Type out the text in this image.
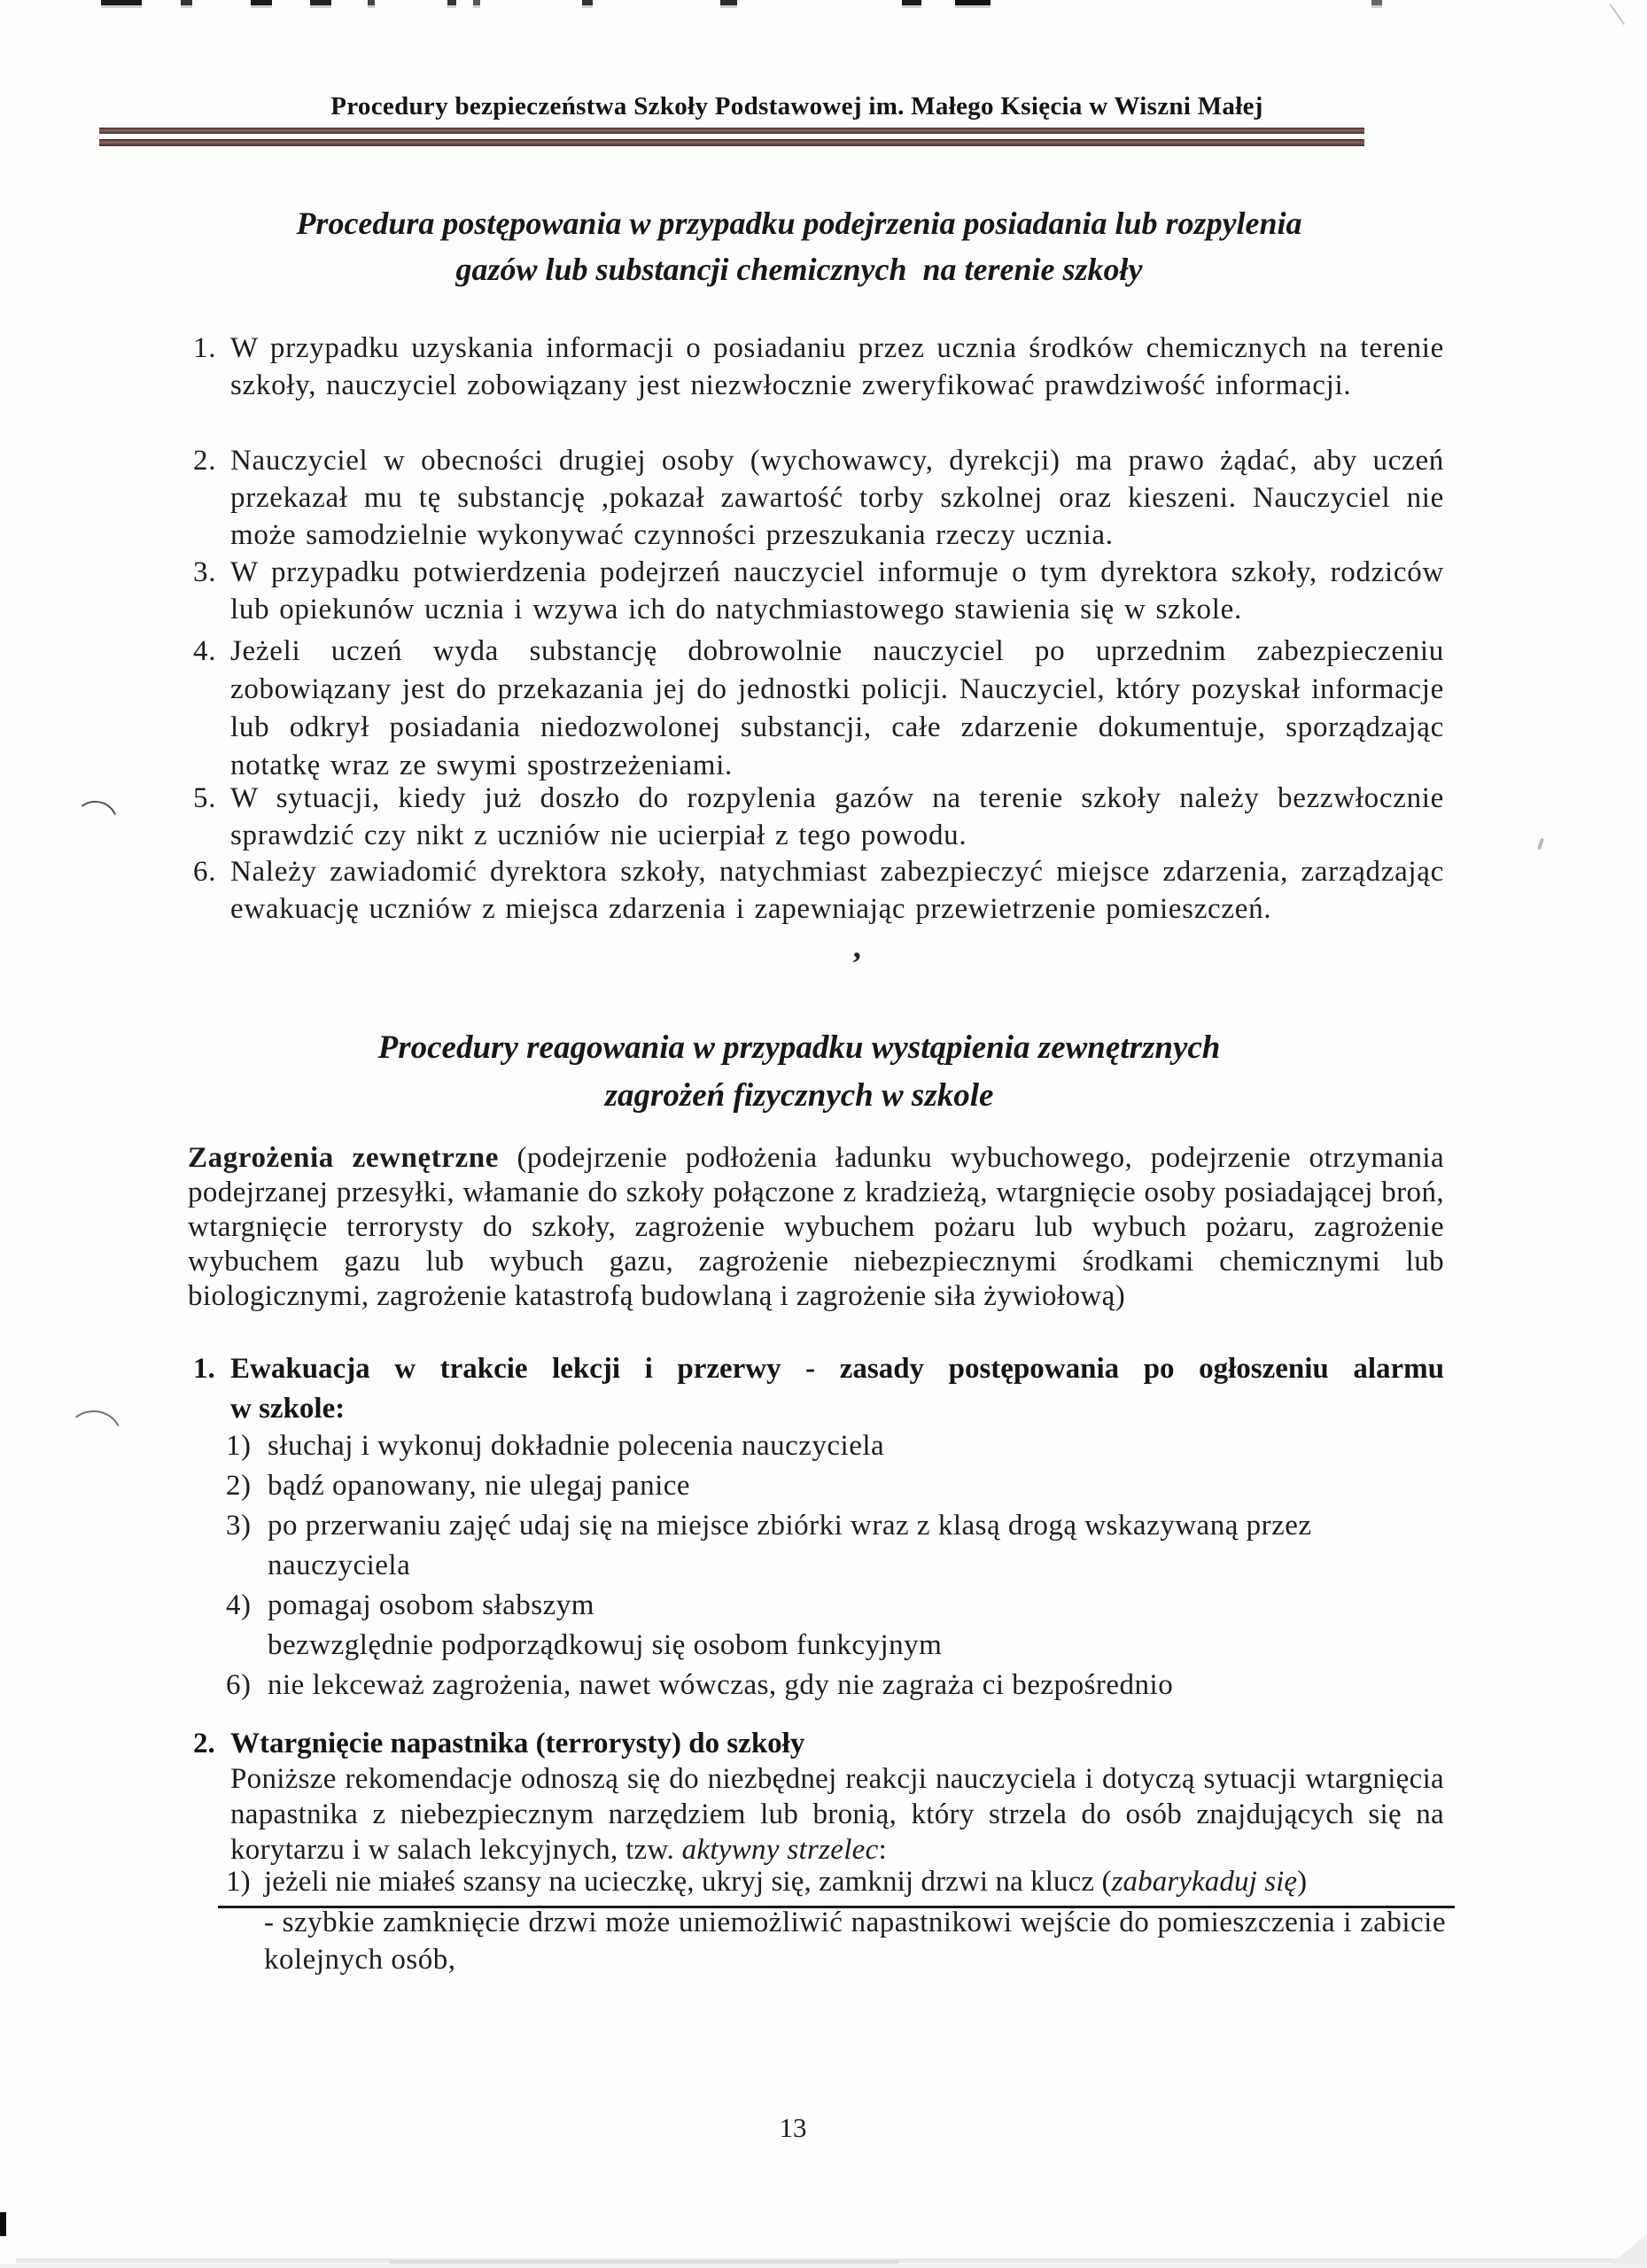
Procedury bezpieczeństwa Szkoły Podstawowej im. Małego Księcia w Wiszni Małej
Procedura postępowania w przypadku podejrzenia posiadania lub rozpylenia
gazów lub substancji chemicznych  na terenie szkoły
1. W przypadku uzyskania informacji o posiadaniu przez ucznia środków chemicznych na terenie szkoły, nauczyciel zobowiązany jest niezwłocznie zweryfikować prawdziwość informacji.

2. Nauczyciel w obecności drugiej osoby (wychowawcy, dyrekcji) ma prawo żądać, aby uczeń przekazał mu tę substancję ,pokazał zawartość torby szkolnej oraz kieszeni. Nauczyciel nie może samodzielnie wykonywać czynności przeszukania rzeczy ucznia.

3. W przypadku potwierdzenia podejrzeń nauczyciel informuje o tym dyrektora szkoły, rodziców lub opiekunów ucznia i wzywa ich do natychmiastowego stawienia się w szkole.

4. Jeżeli uczeń wyda substancję dobrowolnie nauczyciel po uprzednim zabezpieczeniu zobowiązany jest do przekazania jej do jednostki policji. Nauczyciel, który pozyskał informacje lub odkrył posiadania niedozwolonej substancji, całe zdarzenie dokumentuje, sporządzając notatkę wraz ze swymi spostrzeżeniami.

5. W sytuacji, kiedy już doszło do rozpylenia gazów na terenie szkoły należy bezzwłocznie sprawdzić czy nikt z uczniów nie ucierpiał z tego powodu.

6. Należy zawiadomić dyrektora szkoły, natychmiast zabezpieczyć miejsce zdarzenia, zarządzając ewakuację uczniów z miejsca zdarzenia i zapewniając przewietrzenie pomieszczeń.

’
Procedury reagowania w przypadku wystąpienia zewnętrznych
zagrożeń fizycznych w szkole

Zagrożenia zewnętrzne (podejrzenie podłożenia ładunku wybuchowego, podejrzenie otrzymania podejrzanej przesyłki, włamanie do szkoły połączone z kradzieżą, wtargnięcie osoby posiadającej broń, wtargnięcie terrorysty do szkoły, zagrożenie wybuchem pożaru lub wybuch pożaru, zagrożenie wybuchem gazu lub wybuch gazu, zagrożenie niebezpiecznymi środkami chemicznymi lub biologicznymi, zagrożenie katastrofą budowlaną i zagrożenie siła żywiołową)

1. Ewakuacja w trakcie lekcji i przerwy - zasady postępowania po ogłoszeniu alarmu
w szkole:
1) słuchaj i wykonuj dokładnie polecenia nauczyciela

2) bądź opanowany, nie ulegaj panice

3) po przerwaniu zajęć udaj się na miejsce zbiórki wraz z klasą drogą wskazywaną przez nauczyciela

4) pomagaj osobom słabszym

bezwzględnie podporządkowuj się osobom funkcyjnym

6) nie lekceważ zagrożenia, nawet wówczas, gdy nie zagraża ci bezpośrednio

2. Wtargnięcie napastnika (terrorysty) do szkoły

Poniższe rekomendacje odnoszą się do niezbędnej reakcji nauczyciela i dotyczą sytuacji wtargnięcia napastnika z niebezpiecznym narzędziem lub bronią, który strzela do osób znajdujących się na korytarzu i w salach lekcyjnych, tzw. aktywny strzelec:

1) jeżeli nie miałeś szansy na ucieczkę, ukryj się, zamknij drzwi na klucz (zabarykaduj się)

- szybkie zamknięcie drzwi może uniemożliwić napastnikowi wejście do pomieszczenia i zabicie kolejnych osób,

13
